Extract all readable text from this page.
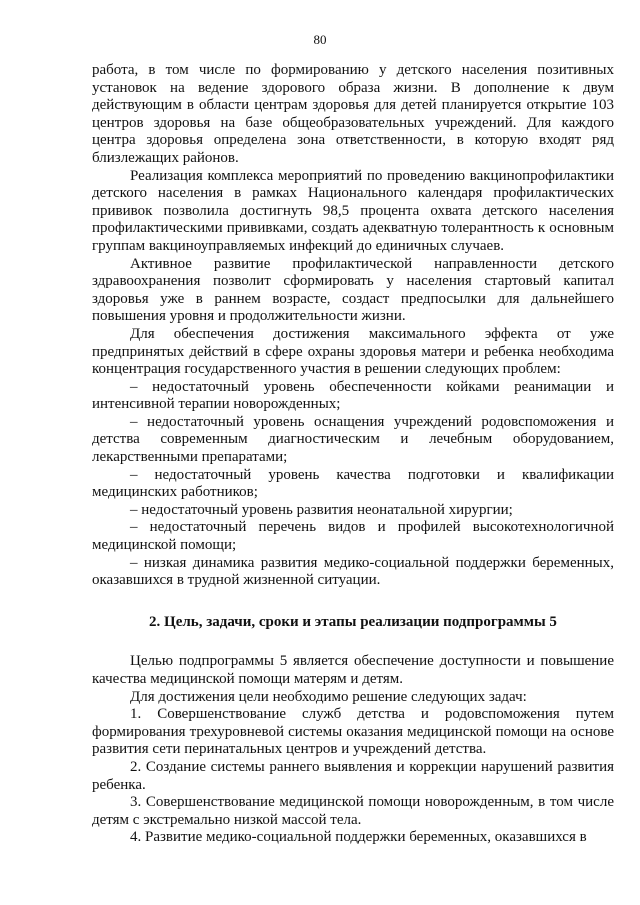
80

работа, в том числе по формированию у детского населения позитивных установок на ведение здорового образа жизни. В дополнение к двум действующим в области центрам здоровья для детей планируется открытие 103 центров здоровья на базе общеобразовательных учреждений. Для каждого центра здоровья определена зона ответственности, в которую входят ряд близлежащих районов.

Реализация комплекса мероприятий по проведению вакцинопрофилактики детского населения в рамках Национального календаря профилактических прививок позволила достигнуть 98,5 процента охвата детского населения профилактическими прививками, создать адекватную толерантность к основным группам вакциноуправляемых инфекций до единичных случаев.

Активное развитие профилактической направленности детского здравоохранения позволит сформировать у населения стартовый капитал здоровья уже в раннем возрасте, создаст предпосылки для дальнейшего повышения уровня и продолжительности жизни.

Для обеспечения достижения максимального эффекта от уже предпринятых действий в сфере охраны здоровья матери и ребенка необходима концентрация государственного участия в решении следующих проблем:

– недостаточный уровень обеспеченности койками реанимации и интенсивной терапии новорожденных;

– недостаточный уровень оснащения учреждений родовспоможения и детства современным диагностическим и лечебным оборудованием, лекарственными препаратами;

– недостаточный уровень качества подготовки и квалификации медицинских работников;

– недостаточный уровень развития неонатальной хирургии;

– недостаточный перечень видов и профилей высокотехнологичной медицинской помощи;

– низкая динамика развития медико-социальной поддержки беременных, оказавшихся в трудной жизненной ситуации.

2. Цель, задачи, сроки и этапы реализации подпрограммы 5

Целью подпрограммы 5 является обеспечение доступности и повышение качества медицинской помощи матерям и детям.

Для достижения цели необходимо решение следующих задач:

1. Совершенствование служб детства и родовспоможения путем формирования трехуровневой системы оказания медицинской помощи на основе развития сети перинатальных центров и учреждений детства.

2. Создание системы раннего выявления и коррекции нарушений развития ребенка.

3. Совершенствование медицинской помощи новорожденным, в том числе детям с экстремально низкой массой тела.

4. Развитие медико-социальной поддержки беременных, оказавшихся в
